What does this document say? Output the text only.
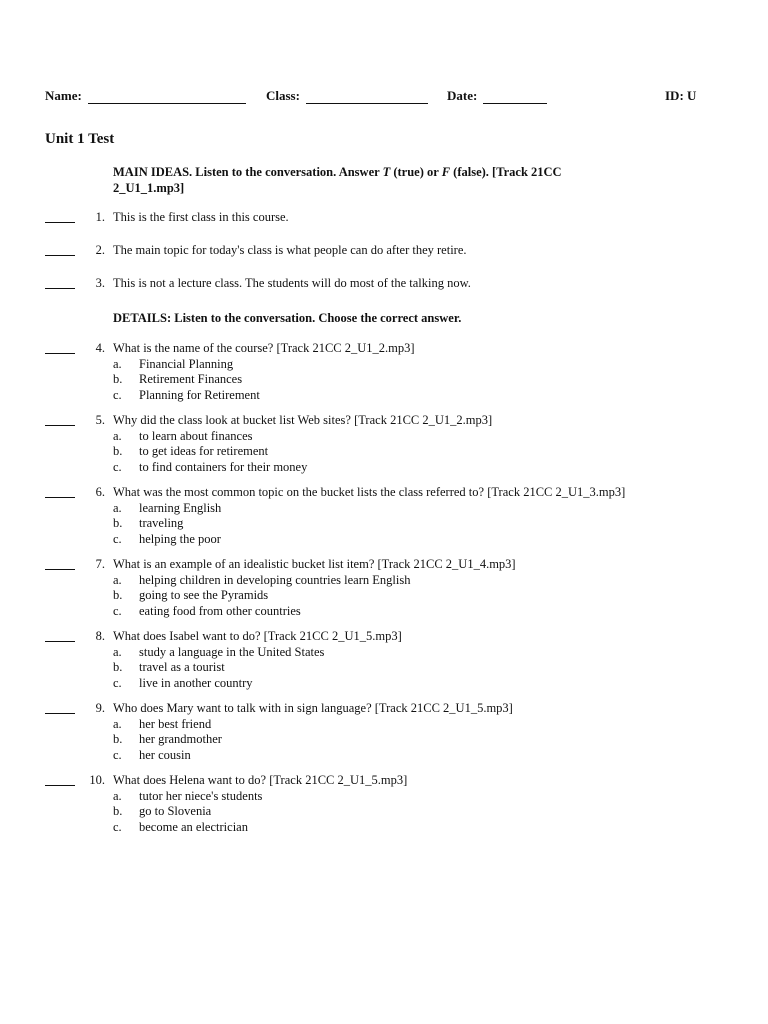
Name:	Class:	Date:	ID: U
Unit 1 Test
MAIN IDEAS. Listen to the conversation. Answer T (true) or F (false). [Track 21CC
2_U1_1.mp3]
1. This is the first class in this course.
2. The main topic for today's class is what people can do after they retire.
3. This is not a lecture class. The students will do most of the talking now.
DETAILS: Listen to the conversation. Choose the correct answer.
4. What is the name of the course? [Track 21CC 2_U1_2.mp3]
a. Financial Planning
b. Retirement Finances
c. Planning for Retirement
5. Why did the class look at bucket list Web sites? [Track 21CC 2_U1_2.mp3]
a. to learn about finances
b. to get ideas for retirement
c. to find containers for their money
6. What was the most common topic on the bucket lists the class referred to? [Track 21CC 2_U1_3.mp3]
a. learning English
b. traveling
c. helping the poor
7. What is an example of an idealistic bucket list item? [Track 21CC 2_U1_4.mp3]
a. helping children in developing countries learn English
b. going to see the Pyramids
c. eating food from other countries
8. What does Isabel want to do? [Track 21CC 2_U1_5.mp3]
a. study a language in the United States
b. travel as a tourist
c. live in another country
9. Who does Mary want to talk with in sign language? [Track 21CC 2_U1_5.mp3]
a. her best friend
b. her grandmother
c. her cousin
10. What does Helena want to do? [Track 21CC 2_U1_5.mp3]
a. tutor her niece's students
b. go to Slovenia
c. become an electrician
